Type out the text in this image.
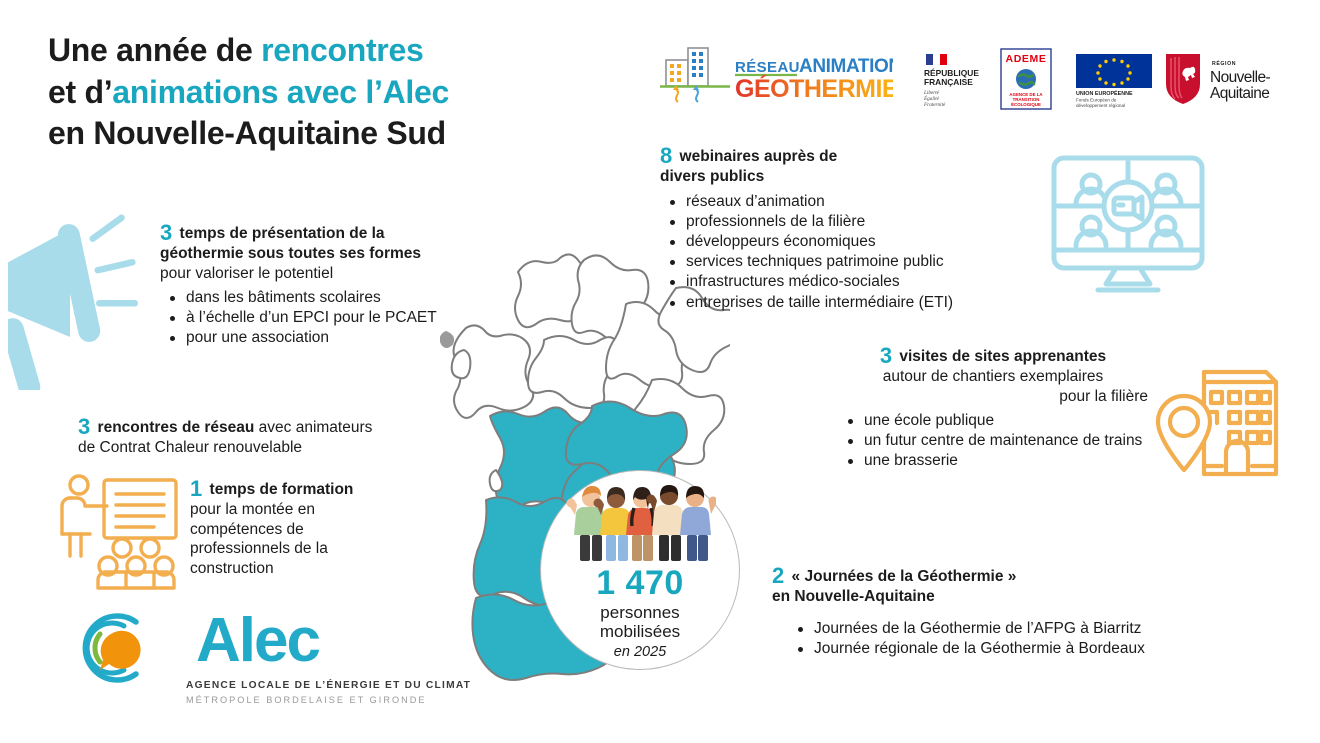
Une année de rencontres
et d’animations avec l’Alec
en Nouvelle-Aquitaine Sud
RÉSEAU ANIMATION
GÉOTHERMIE
RÉPUBLIQUE
FRANÇAISE
Liberté
Égalité
Fraternité
ADEME
AGENCE DE LA
TRANSITION
ÉCOLOGIQUE
UNION EUROPÉENNE
Fonds Européen de
développement régional
RÉGION
Nouvelle-
Aquitaine
1 470
personnes
mobilisées
en 2025
3 temps de présentation de la
géothermie sous toutes ses formes
pour valoriser le potentiel
dans les bâtiments scolaires
à l’échelle d’un EPCI pour le PCAET
pour une association
8 webinaires auprès de
divers publics
réseaux d’animation
professionnels de la filière
développeurs économiques
services techniques patrimoine public
infrastructures médico-sociales
entreprises de taille intermédiaire (ETI)
3 rencontres de réseau avec animateurs
de Contrat Chaleur renouvelable
1 temps de formation
pour la montée en compétences de professionnels de la construction
3 visites de sites apprenantes
autour de chantiers exemplaires
pour la filière
une école publique
un futur centre de maintenance de trains
une brasserie
2 « Journées de la Géothermie »
en Nouvelle-Aquitaine
Journées de la Géothermie de l’AFPG à Biarritz
Journée régionale de la Géothermie à Bordeaux
Alec
AGENCE LOCALE DE L’ÉNERGIE ET DU CLIMAT
MÉTROPOLE BORDELAISE ET GIRONDE
